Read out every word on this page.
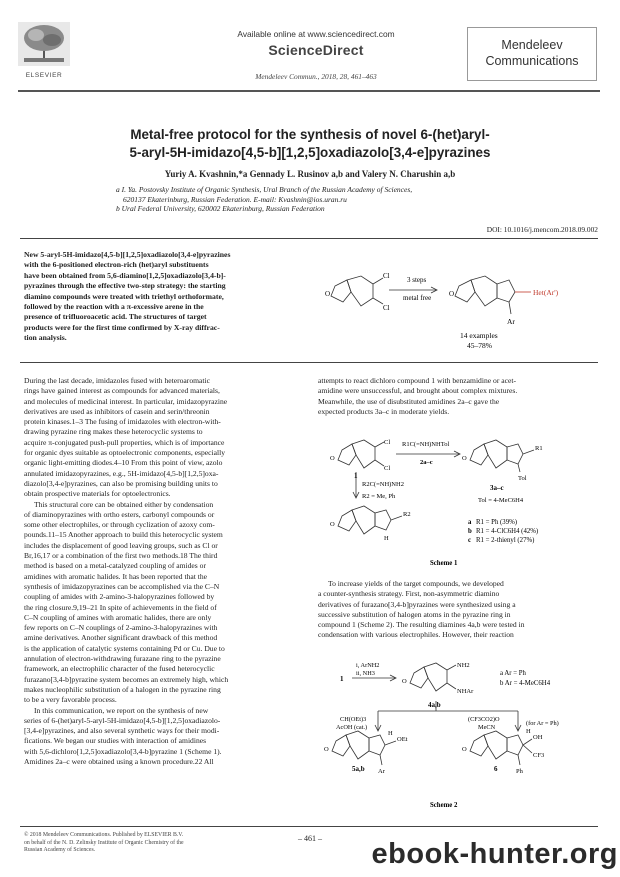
ELSEVIER
Available online at www.sciencedirect.com
ScienceDirect
Mendeleev Commun., 2018, 28, 461–463
Mendeleev
Communications
Metal-free protocol for the synthesis of novel 6-(het)aryl-
5-aryl-5H-imidazo[4,5-b][1,2,5]oxadiazolo[3,4-e]pyrazines
Yuriy A. Kvashnin,*a Gennady L. Rusinov a,b and Valery N. Charushin a,b
a I. Ya. Postovsky Institute of Organic Synthesis, Ural Branch of the Russian Academy of Sciences,
620137 Ekaterinburg, Russian Federation. E-mail: Kvashnin@ios.uran.ru
b Ural Federal University, 620002 Ekaterinburg, Russian Federation
DOI: 10.1016/j.mencom.2018.09.002
New 5-aryl-5H-imidazo[4,5-b][1,2,5]oxadiazolo[3,4-e]pyrazines
with the 6-positioned electron-rich (het)aryl substituents
have been obtained from 5,6-diamino[1,2,5]oxadiazolo[3,4-b]-
pyrazines through the effective two-step strategy: the starting
diamino compounds were treated with triethyl orthoformate,
followed by the reaction with a π-excessive arene in the
presence of trifluoroacetic acid. The structures of target
products were for the first time confirmed by X-ray diffrac-
tion analysis.
O
Cl
Cl
O
3 steps
metal free
Het(Ar')
Ar
14 examples
45–78%

During the last decade, imidazoles fused with heteroaromatic

rings have gained interest as compounds for advanced materials,

and molecules of medicinal interest. In particular, imidazopyrazine

derivatives are used as inhibitors of casein and serin/threonin

protein kinases.1–3 The fusing of imidazoles with electron-with-

drawing pyrazine ring makes these heterocyclic systems to

acquire π-conjugated push-pull properties, which is of importance

for organic dyes suitable as optoelectronic components, especially

organic light-emitting diodes.4–10 From this point of view, azolo

annulated imidazopyrazines, e.g., 5H-imidazo[4,5-b][1,2,5]oxa-

diazolo[3,4-e]pyrazines, can also be promising building units to

obtain prospective materials for optoelectronics.

This structural core can be obtained either by condensation

of diaminopyrazines with ortho esters, carbonyl compounds or

some other electrophiles, or through cyclization of azoxy com-

pounds.11–15 Another approach to build this heterocyclic system

includes the displacement of good leaving groups, such as Cl or

Br,16,17 or a combination of the first two methods.18 The third

method is based on a metal-catalyzed coupling of amides or

amidines with aromatic halides. It has been reported that the

synthesis of imidazopyrazines can be accomplished via the C–N

coupling of amides with 2-amino-3-halopyrazines followed by

the ring closure.9,19–21 In spite of achievements in the field of

C–N coupling of amines with aromatic halides, there are only

few reports on C–N couplings of 2-amino-3-halopyrazines with

amine derivatives. Another significant drawback of this method

is the application of catalytic systems containing Pd or Cu. Due to

annulation of electron-withdrawing furazane ring to the pyrazine

framework, an electrophilic character of the fused heterocyclic

furazano[3,4-b]pyrazine system becomes an extremely high, which

makes nucleophilic substitution of a halogen in the pyrazine ring

to be a very favorable process.

In this communication, we report on the synthesis of new

series of 6-(het)aryl-5-aryl-5H-imidazo[4,5-b][1,2,5]oxadiazolo-

[3,4-e]pyrazines, and also several synthetic ways for their modi-

fications. We began our studies with interaction of amidines

with 5,6-dichloro[1,2,5]oxadiazolo[3,4-b]pyrazine 1 (Scheme 1).

Amidines 2a–c were obtained using a known procedure.22 All

attempts to react dichloro compound 1 with benzamidine or acet-

amidine were unsuccessful, and brought about complex mixtures.

Meanwhile, the use of disubstituted amidines 2a–c gave the

expected products 3a–c in moderate yields.

O
Cl
Cl
1
R1C(=NH)NHTol
2a–c
O
R1
Tol
3a–c
Tol = 4-MeC6H4
R2C(=NH)NH2
R2 = Me, Ph
O
R2
H
a R1 = Ph (39%)
b R1 = 4-ClC6H4 (42%)
c R1 = 2-thienyl (27%)
Scheme 1

To increase yields of the target compounds, we developed

a counter-synthesis strategy. First, non-asymmetric diamino

derivatives of furazano[3,4-b]pyrazines were synthesized using a

successive substitution of halogen atoms in the pyrazine ring in

compound 1 (Scheme 2). The resulting diamines 4a,b were tested in

condensation with various electrophiles. However, their reaction

1
i, ArNH2
ii, NH3
O
NH2
NHAr
4a,b
a Ar = Ph
b Ar = 4-MeC6H4
CH(OEt)3
AcOH (cat.)
(CF3CO2)O
MeCN
(for Ar = Ph)
O
H
OEt
Ar
5a,b
O
H
OH
CF3
Ph
6
Scheme 2
© 2018 Mendeleev Communications. Published by ELSEVIER B.V.
on behalf of the N. D. Zelinsky Institute of Organic Chemistry of the
Russian Academy of Sciences.
– 461 –	ebook-hunter.org
